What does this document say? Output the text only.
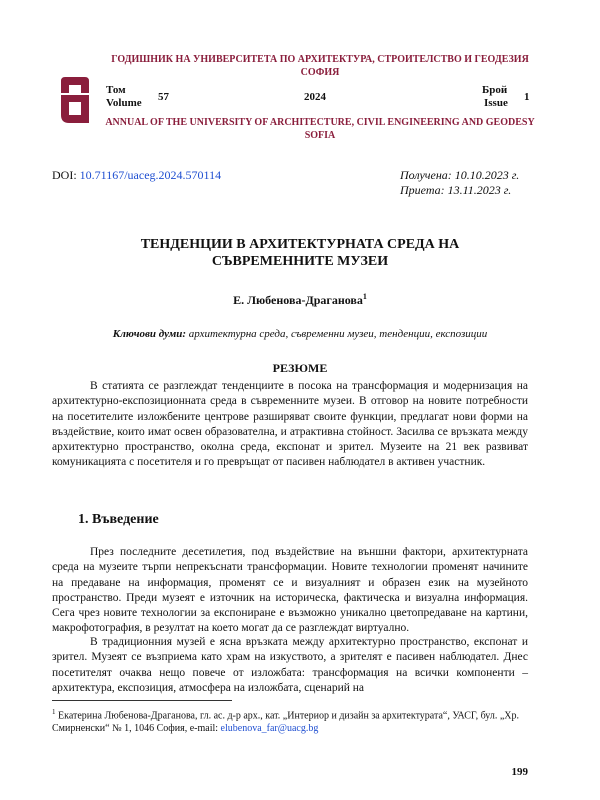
ГОДИШНИК НА УНИВЕРСИТЕТА ПО АРХИТЕКТУРА, СТРОИТЕЛСТВО И ГЕОДЕЗИЯ СОФИЯ
Том
Volume 57	2024
Брой
Issue 1
ANNUAL OF THE UNIVERSITY OF ARCHITECTURE, CIVIL ENGINEERING AND GEODESY SOFIA
DOI: 10.71167/uaceg.2024.570114	Получена: 10.10.2023 г.
Приета: 13.11.2023 г.
ТЕНДЕНЦИИ В АРХИТЕКТУРНАТА СРЕДА НА
СЪВРЕМЕННИТЕ МУЗЕИ
Е. Любенова-Драганова$^1$
Ключови думи: архитектурна среда, съвременни музеи, тенденции, експозиции
РЕЗЮМЕ

В статията се разглеждат тенденциите в посока на трансформация и модернизация на архитектурно-експозиционната среда в съвременните музеи. В отговор на новите потребности на посетителите изложбените центрове разширяват своите функции, предлагат нови форми на въздействие, които имат освен образователна, и атрактивна стойност. Засилва се връзката между архитектурно пространство, околна среда, експонат и зрител. Музеите на 21 век развиват комуникацията с посетителя и го превръщат от пасивен наблюдател в активен участник.

1. Въведение

През последните десетилетия, под въздействие на външни фактори, архитектурната среда на музеите търпи непрекъснати трансформации. Новите технологии променят начините на предаване на информация, променят се и визуалният и образен език на музейното пространство. Преди музеят е източник на историческа, фактическа и визуална информация. Сега чрез новите технологии за експониране е възможно уникално цветопредаване на картини, макрофотография, в резултат на което могат да се разглеждат виртуално.

В традиционния музей е ясна връзката между архитектурно пространство, експонат и зрител. Музеят се възприема като храм на изкуството, а зрителят е пасивен наблюдател. Днес посетителят очаква нещо повече от изложбата: трансформация на всички компоненти – архитектура, експозиция, атмосфера на изложбата, сценарий на

$^1$ Екатерина Любенова-Драганова, гл. ас. д-р арх., кат. „Интериор и дизайн за архитектурата“, УАСГ, бул. „Хр. Смирненски“ № 1, 1046 София, e-mail: elubenova_far@uacg.bg
199
